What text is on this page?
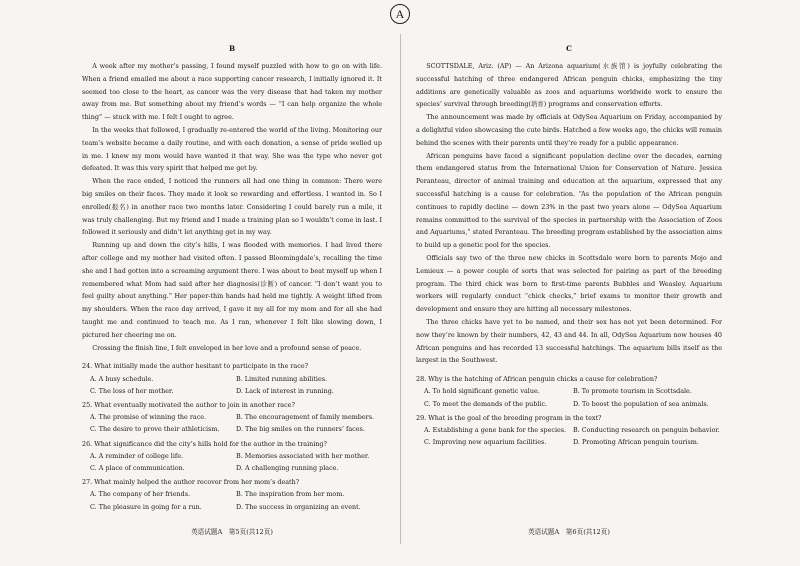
A
B

A week after my mother’s passing, I found myself puzzled with how to go on with life. When a friend emailed me about a race supporting cancer research, I initially ignored it. It seemed too close to the heart, as cancer was the very disease that had taken my mother away from me. But something about my friend’s words — “I can help organize the whole thing” — stuck with me. I felt I ought to agree.

In the weeks that followed, I gradually re-entered the world of the living. Monitoring our team’s website became a daily routine, and with each donation, a sense of pride welled up in me. I knew my mom would have wanted it that way. She was the type who never got defeated. It was this very spirit that helped me get by.

When the race ended, I noticed the runners all had one thing in common: There were big smiles on their faces. They made it look so rewarding and effortless. I wanted in. So I enrolled(报名) in another race two months later. Considering I could barely run a mile, it was truly challenging. But my friend and I made a training plan so I wouldn’t come in last. I followed it seriously and didn’t let anything get in my way.

Running up and down the city’s hills, I was flooded with memories. I had lived there after college and my mother had visited often. I passed Bloomingdale’s, recalling the time she and I had gotten into a screaming argument there. I was about to beat myself up when I remembered what Mom had said after her diagnosis(诊断) of cancer. “I don’t want you to feel guilty about anything.” Her paper-thin hands had held me tightly. A weight lifted from my shoulders. When the race day arrived, I gave it my all for my mom and for all she had taught me and continued to teach me. As I ran, whenever I felt like slowing down, I pictured her cheering me on.

Crossing the finish line, I felt enveloped in her love and a profound sense of peace.

24. What initially made the author hesitant to participate in the race?
A. A busy schedule.	B. Limited running abilities.
C. The loss of her mother.	D. Lack of interest in running.
25. What eventually motivated the author to join in another race?
A. The promise of winning the race.	B. The encouragement of family members.
C. The desire to prove their athleticism.	D. The big smiles on the runners’ faces.
26. What significance did the city’s hills hold for the author in the training?
A. A reminder of college life.	B. Memories associated with her mother.
C. A place of communication.	D. A challenging running place.
27. What mainly helped the author recover from her mom’s death?
A. The company of her friends.	B. The inspiration from her mom.
C. The pleasure in going for a run.	D. The success in organizing an event.
C

SCOTTSDALE, Ariz. (AP) — An Arizona aquarium(水族馆) is joyfully celebrating the successful hatching of three endangered African penguin chicks, emphasizing the tiny additions are genetically valuable as zoos and aquariums worldwide work to ensure the species’ survival through breeding(培育) programs and conservation efforts.

The announcement was made by officials at OdySea Aquarium on Friday, accompanied by a delightful video showcasing the cute birds. Hatched a few weeks ago, the chicks will remain behind the scenes with their parents until they’re ready for a public appearance.

African penguins have faced a significant population decline over the decades, earning them endangered status from the International Union for Conservation of Nature. Jessica Peranteau, director of animal training and education at the aquarium, expressed that any successful hatching is a cause for celebration. “As the population of the African penguin continues to rapidly decline — down 23% in the past two years alone — OdySea Aquarium remains committed to the survival of the species in partnership with the Association of Zoos and Aquariums,” stated Peranteau. The breeding program established by the association aims to build up a genetic pool for the species.

Officials say two of the three new chicks in Scottsdale were born to parents Mojo and Lemieux — a power couple of sorts that was selected for pairing as part of the breeding program. The third chick was born to first-time parents Bubbles and Weasley. Aquarium workers will regularly conduct “chick checks,” brief exams to monitor their growth and development and ensure they are hitting all necessary milestones.

The three chicks have yet to be named, and their sex has not yet been determined. For now they’re known by their numbers, 42, 43 and 44. In all, OdySea Aquarium now houses 40 African penguins and has recorded 13 successful hatchings. The aquarium bills itself as the largest in the Southwest.

28. Why is the hatching of African penguin chicks a cause for celebration?
A. To hold significant genetic value.	B. To promote tourism in Scottsdale.
C. To meet the demands of the public.	D. To boost the population of sea animals.
29. What is the goal of the breeding program in the text?
A. Establishing a gene bank for the species.	B. Conducting research on penguin behavior.
C. Improving new aquarium facilities.	D. Promoting African penguin tourism.
英语试题A　第5页(共12页)	英语试题A　第6页(共12页)
